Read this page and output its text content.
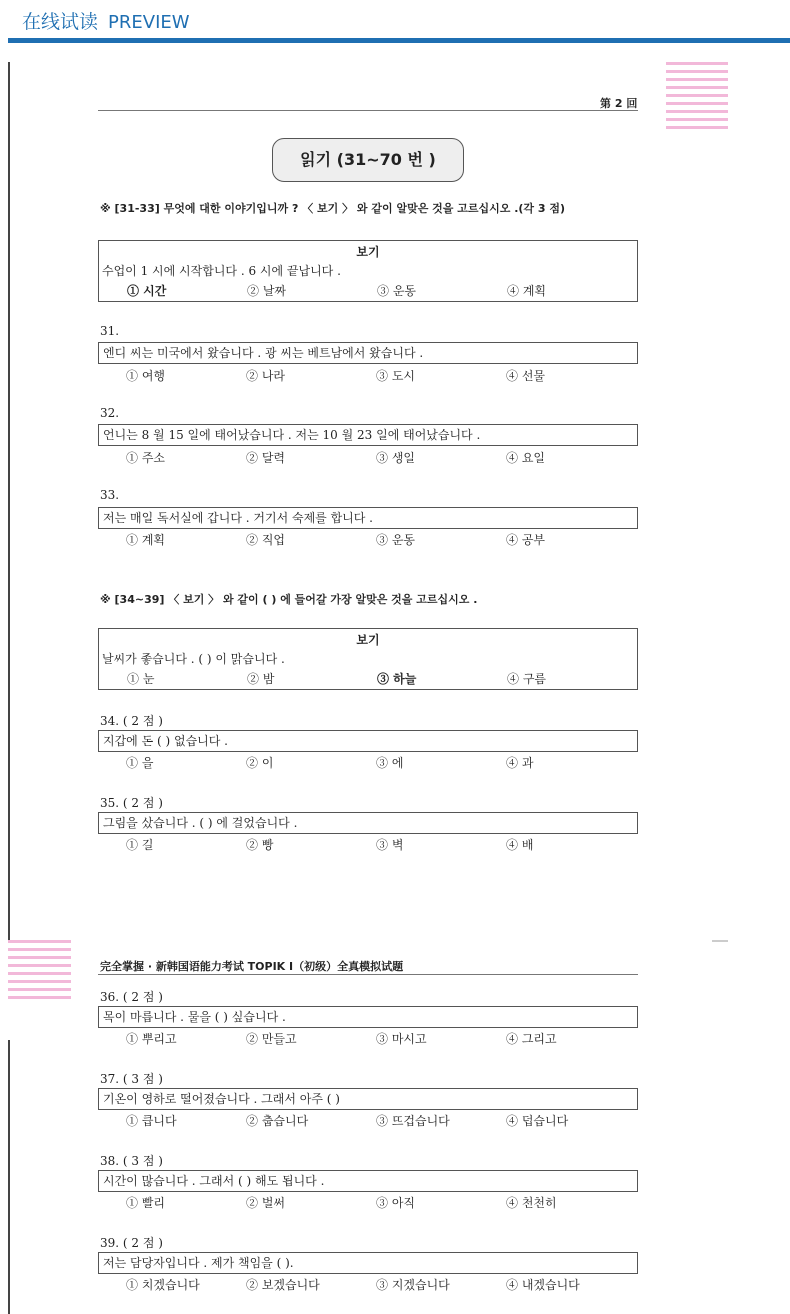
在线试读 PREVIEW
第 2 回
읽기 (31~70 번 )
※ [31-33] 무엇에 대한 이야기입니까 ? 〈 보기 〉 와 같이 알맞은 것을 고르십시오 .(각 3 점)
보기
수업이 1 시에 시작합니다 . 6 시에 끝납니다 .
① 시간	② 날짜	③ 운동	④ 계획
31.
엔디 씨는 미국에서 왔습니다 . 광 씨는 베트남에서 왔습니다 .
① 여행	② 나라	③ 도시	④ 선물
32.
언니는 8 월 15 일에 태어났습니다 . 저는 10 월 23 일에 태어났습니다 .
① 주소	② 달력	③ 생일	④ 요일
33.
저는 매일 독서실에 갑니다 . 거기서 숙제를 합니다 .
① 계획	② 직업	③ 운동	④ 공부
※ [34~39] 〈 보기 〉 와 같이 ( ) 에 들어갈 가장 알맞은 것을 고르십시오 .
보기
날씨가 좋습니다 . ( ) 이 맑습니다 .
① 눈	② 밤	③ 하늘	④ 구름
34. ( 2 점 )
지갑에 돈 ( ) 없습니다 .
① 을	② 이	③ 에	④ 과
35. ( 2 점 )
그림을 샀습니다 . ( ) 에 걸었습니다 .
① 길	② 빵	③ 벽	④ 배
完全掌握 · 新韩国语能力考试 TOPIK Ⅰ（初级）全真模拟试题
36. ( 2 점 )
목이 마릅니다 . 물을 ( ) 싶습니다 .
① 뿌리고	② 만들고	③ 마시고	④ 그리고
37. ( 3 점 )
기온이 영하로 떨어졌습니다 . 그래서 아주 ( )
① 큽니다	② 춥습니다	③ 뜨겁습니다	④ 덥습니다
38. ( 3 점 )
시간이 많습니다 . 그래서 ( ) 해도 됩니다 .
① 빨리	② 벌써	③ 아직	④ 천천히
39. ( 2 점 )
저는 담당자입니다 . 제가 책임을 ( ).
① 치겠습니다	② 보겠습니다	③ 지겠습니다	④ 내겠습니다
